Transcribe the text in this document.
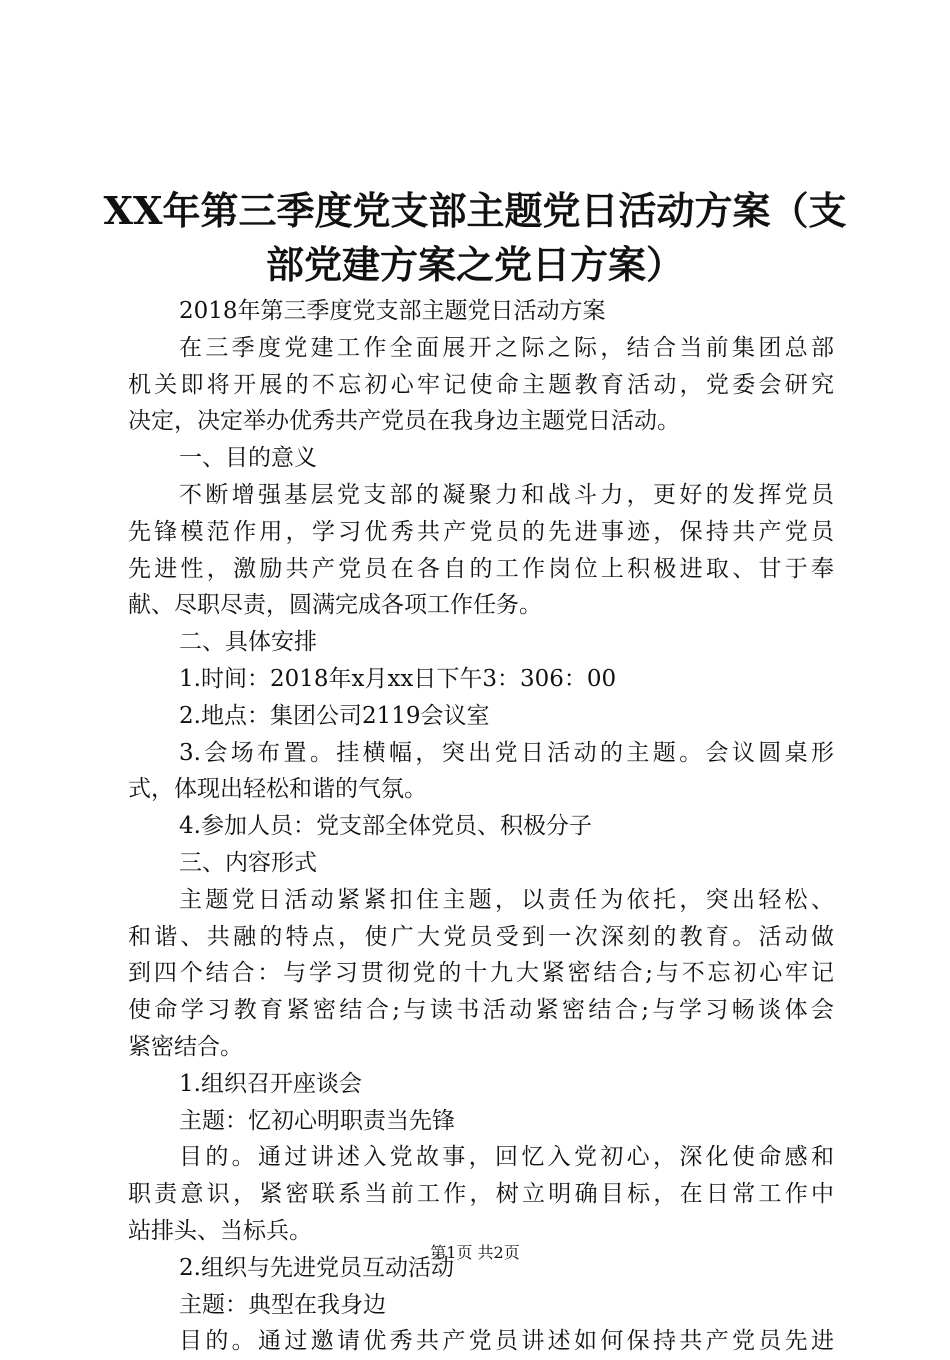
XX年第三季度党支部主题党日活动方案（支
部党建方案之党日方案）
2018年第三季度党支部主题党日活动方案
在三季度党建工作全面展开之际之际，结合当前集团总部
机关即将开展的不忘初心牢记使命主题教育活动，党委会研究
决定，决定举办优秀共产党员在我身边主题党日活动。
一、目的意义
不断增强基层党支部的凝聚力和战斗力，更好的发挥党员
先锋模范作用，学习优秀共产党员的先进事迹，保持共产党员
先进性，激励共产党员在各自的工作岗位上积极进取、甘于奉
献、尽职尽责，圆满完成各项工作任务。
二、具体安排
1.时间：2018年x月xx日下午3：306：00
2.地点：集团公司2119会议室
3.会场布置。挂横幅，突出党日活动的主题。会议圆桌形
式，体现出轻松和谐的气氛。
4.参加人员：党支部全体党员、积极分子
三、内容形式
主题党日活动紧紧扣住主题，以责任为依托，突出轻松、
和谐、共融的特点，使广大党员受到一次深刻的教育。活动做
到四个结合：与学习贯彻党的十九大紧密结合;与不忘初心牢记
使命学习教育紧密结合;与读书活动紧密结合;与学习畅谈体会
紧密结合。
1.组织召开座谈会
主题：忆初心明职责当先锋
目的。通过讲述入党故事，回忆入党初心，深化使命感和
职责意识，紧密联系当前工作，树立明确目标，在日常工作中
站排头、当标兵。
2.组织与先进党员互动活动
主题：典型在我身边
目的。通过邀请优秀共产党员讲述如何保持共产党员先进
第1页 共2页
